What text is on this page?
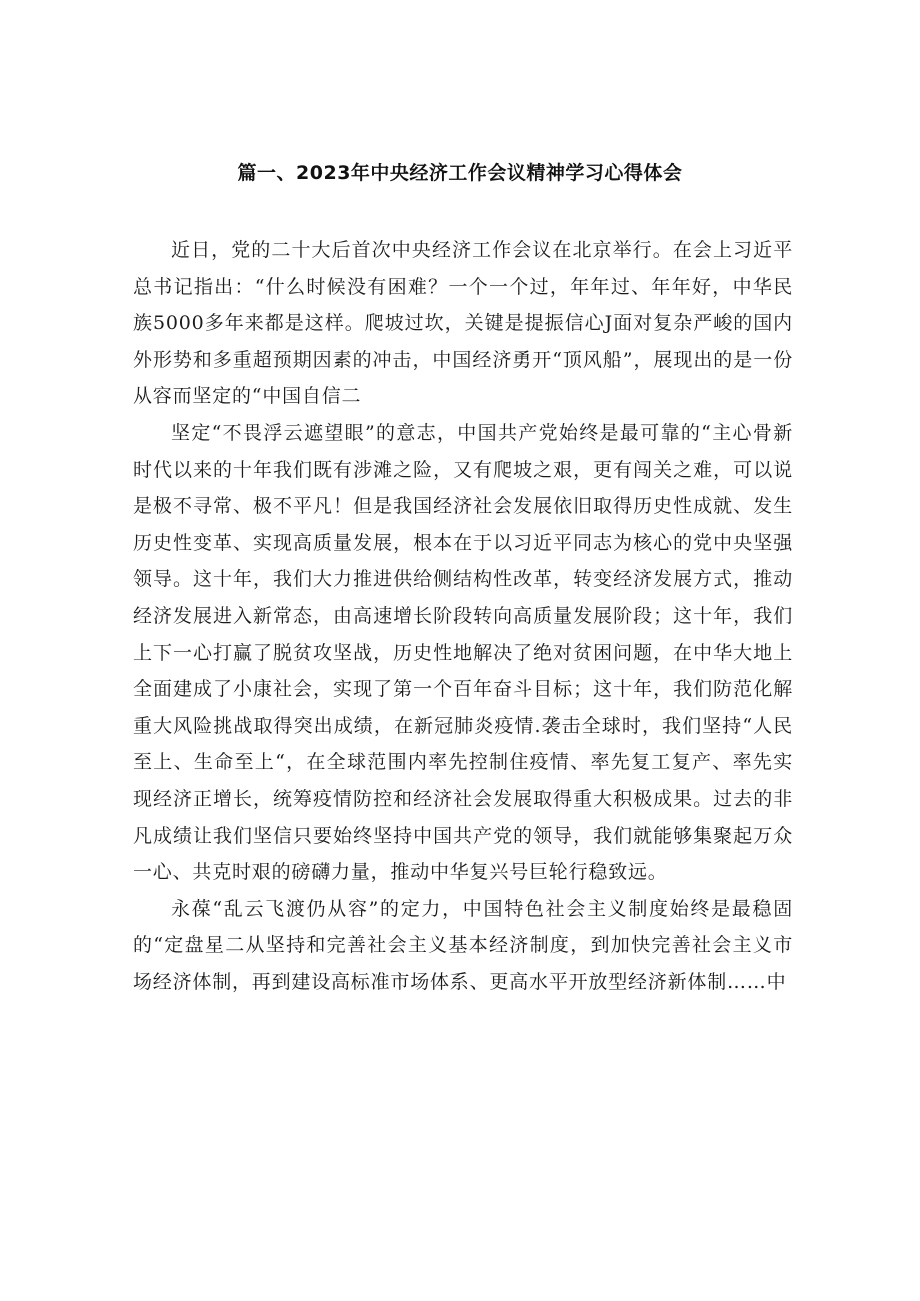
篇一、2023年中央经济工作会议精神学习心得体会

近日，党的二十大后首次中央经济工作会议在北京举行。在会上习近平总书记指出：“什么时候没有困难？一个一个过，年年过、年年好，中华民族5000多年来都是这样。爬坡过坎，关键是提振信心J面对复杂严峻的国内外形势和多重超预期因素的冲击，中国经济勇开“顶风船”，展现出的是一份从容而坚定的“中国自信二

坚定“不畏浮云遮望眼”的意志，中国共产党始终是最可靠的“主心骨新时代以来的十年我们既有涉滩之险，又有爬坡之艰，更有闯关之难，可以说是极不寻常、极不平凡！但是我国经济社会发展依旧取得历史性成就、发生历史性变革、实现高质量发展，根本在于以习近平同志为核心的党中央坚强领导。这十年，我们大力推进供给侧结构性改革，转变经济发展方式，推动经济发展进入新常态，由高速增长阶段转向高质量发展阶段；这十年，我们上下一心打赢了脱贫攻坚战，历史性地解决了绝对贫困问题，在中华大地上全面建成了小康社会，实现了第一个百年奋斗目标；这十年，我们防范化解重大风险挑战取得突出成绩，在新冠肺炎疫情.袭击全球时，我们坚持“人民至上、生命至上“，在全球范围内率先控制住疫情、率先复工复产、率先实现经济正增长，统筹疫情防控和经济社会发展取得重大积极成果。过去的非凡成绩让我们坚信只要始终坚持中国共产党的领导，我们就能够集聚起万众一心、共克时艰的磅礴力量，推动中华复兴号巨轮行稳致远。

永葆“乱云飞渡仍从容”的定力，中国特色社会主义制度始终是最稳固的“定盘星二从坚持和完善社会主义基本经济制度，到加快完善社会主义市场经济体制，再到建设高标准市场体系、更高水平开放型经济新体制……中
